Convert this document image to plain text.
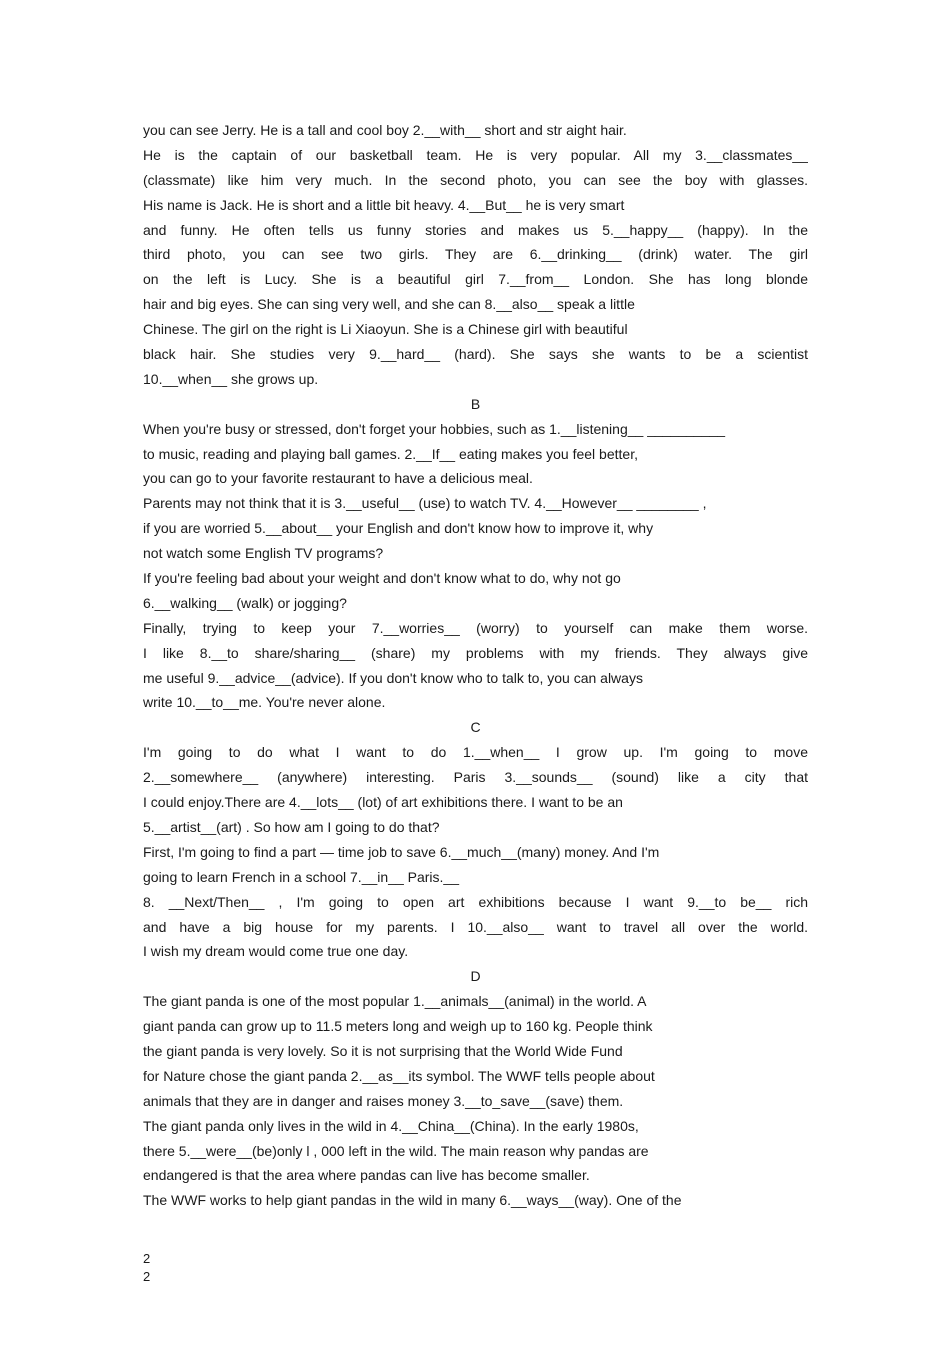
you can see Jerry. He is a tall and cool boy 2.__with__ short and str aight hair.
He is the captain of our basketball team. He is very popular. All my 3.__classmates__
(classmate) like him very much. In the second photo, you can see the boy with glasses.
His name is Jack. He is short and a little bit heavy. 4.__But__ he is very smart
and funny. He often tells us funny stories and makes us 5.__happy__ (happy). In the
third photo, you can see two girls. They are 6.__drinking__ (drink) water. The girl
on the left is Lucy. She is a beautiful girl 7.__from__ London. She has long blonde
hair and big eyes. She can sing very well, and she can 8.__also__ speak a little
Chinese. The girl on the right is Li Xiaoyun. She is a Chinese girl with beautiful
black hair. She studies very 9.__hard__ (hard). She says she wants to be a scientist
10.__when__ she grows up.
B
When you're busy or stressed, don't forget your hobbies, such as 1.__listening__ __________
to music, reading and playing ball games. 2.__If__ eating makes you feel better,
you can go to your favorite restaurant to have a delicious meal.
Parents may not think that it is 3.__useful__ (use) to watch TV. 4.__However__ ________ ,
if you are worried 5.__about__ your English and don't know how to improve it, why
not watch some English TV programs?
If you're feeling bad about your weight and don't know what to do, why not go
6.__walking__ (walk) or jogging?
Finally, trying to keep your 7.__worries__ (worry) to yourself can make them worse.
I like 8.__to share/sharing__ (share) my problems with my friends. They always give
me useful 9.__advice__(advice). If you don't know who to talk to, you can always
write 10.__to__me. You're never alone.
C
I'm going to do what I want to do 1.__when__ I grow up. I'm going to move
2.__somewhere__ (anywhere) interesting. Paris 3.__sounds__ (sound) like a city that
I could enjoy.There are 4.__lots__ (lot) of art exhibitions there. I want to be an
5.__artist__(art) . So how am I going to do that?
First, I'm going to find a part — time job to save 6.__much__(many) money. And I'm
going to learn French in a school 7.__in__ Paris.__
8. __Next/Then__ , I'm going to open art exhibitions because I want 9.__to be__ rich
and have a big house for my parents. I 10.__also__ want to travel all over the world.
I wish my dream would come true one day.
D
The giant panda is one of the most popular 1.__animals__(animal) in the world. A
giant panda can grow up to 11.5 meters long and weigh up to 160 kg. People think
the giant panda is very lovely. So it is not surprising that the World Wide Fund
for Nature chose the giant panda 2.__as__its symbol. The WWF tells people about
animals that they are in danger and raises money 3.__to_save__(save) them.
The giant panda only lives in the wild in 4.__China__(China). In the early 1980s,
there 5.__were__(be)only l , 000 left in the wild. The main reason why pandas are
endangered is that the area where pandas can live has become smaller.
The WWF works to help giant pandas in the wild in many 6.__ways__(way). One of the
2
2
